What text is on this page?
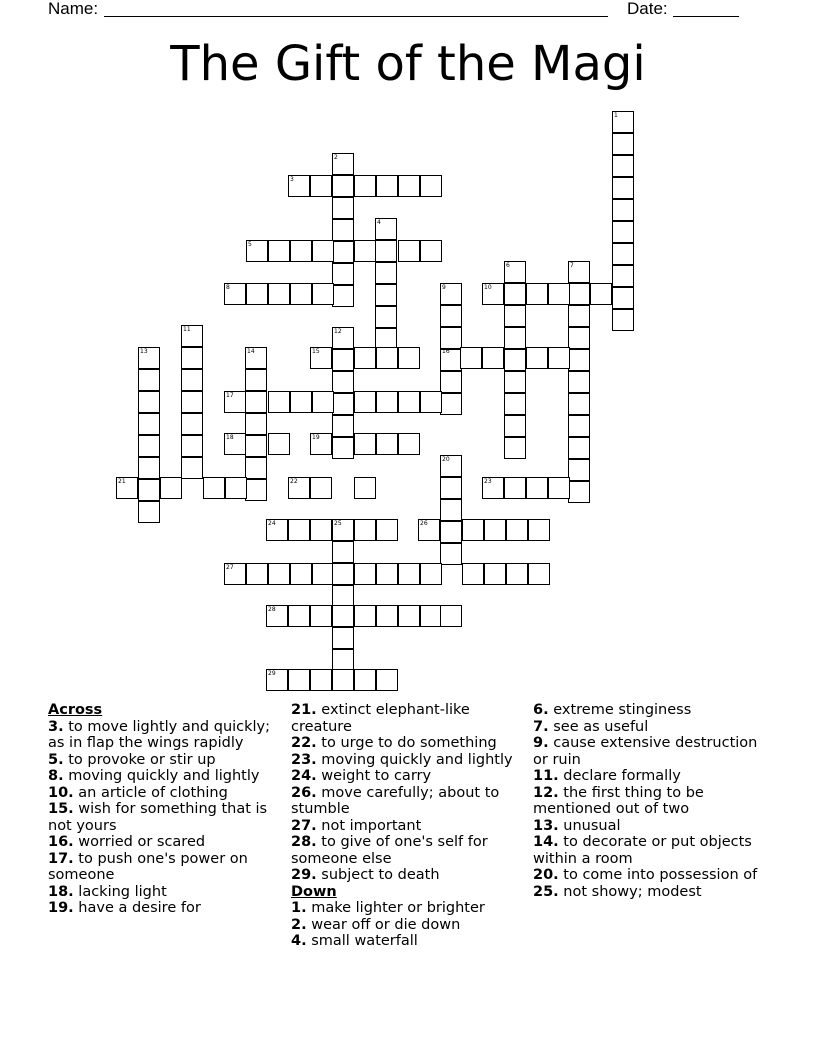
Name:	Date:
The Gift of the Magi
1
2
3
4
5
6	7
8	9	10
11	12
13	14	15	16
17
18	19
20
21	22	23
24	25	26
27
28
29

Across

3. to move lightly and quickly; as in flap the wings rapidly

5. to provoke or stir up

8. moving quickly and lightly

10. an article of clothing

15. wish for something that is not yours

16. worried or scared

17. to push one's power on someone

18. lacking light

19. have a desire for

21. extinct elephant-like creature

22. to urge to do something

23. moving quickly and lightly

24. weight to carry

26. move carefully; about to stumble

27. not important

28. to give of one's self for someone else

29. subject to death

Down

1. make lighter or brighter

2. wear off or die down

4. small waterfall

6. extreme stinginess

7. see as useful

9. cause extensive destruction or ruin

11. declare formally

12. the first thing to be mentioned out of two

13. unusual

14. to decorate or put objects within a room

20. to come into possession of

25. not showy; modest
